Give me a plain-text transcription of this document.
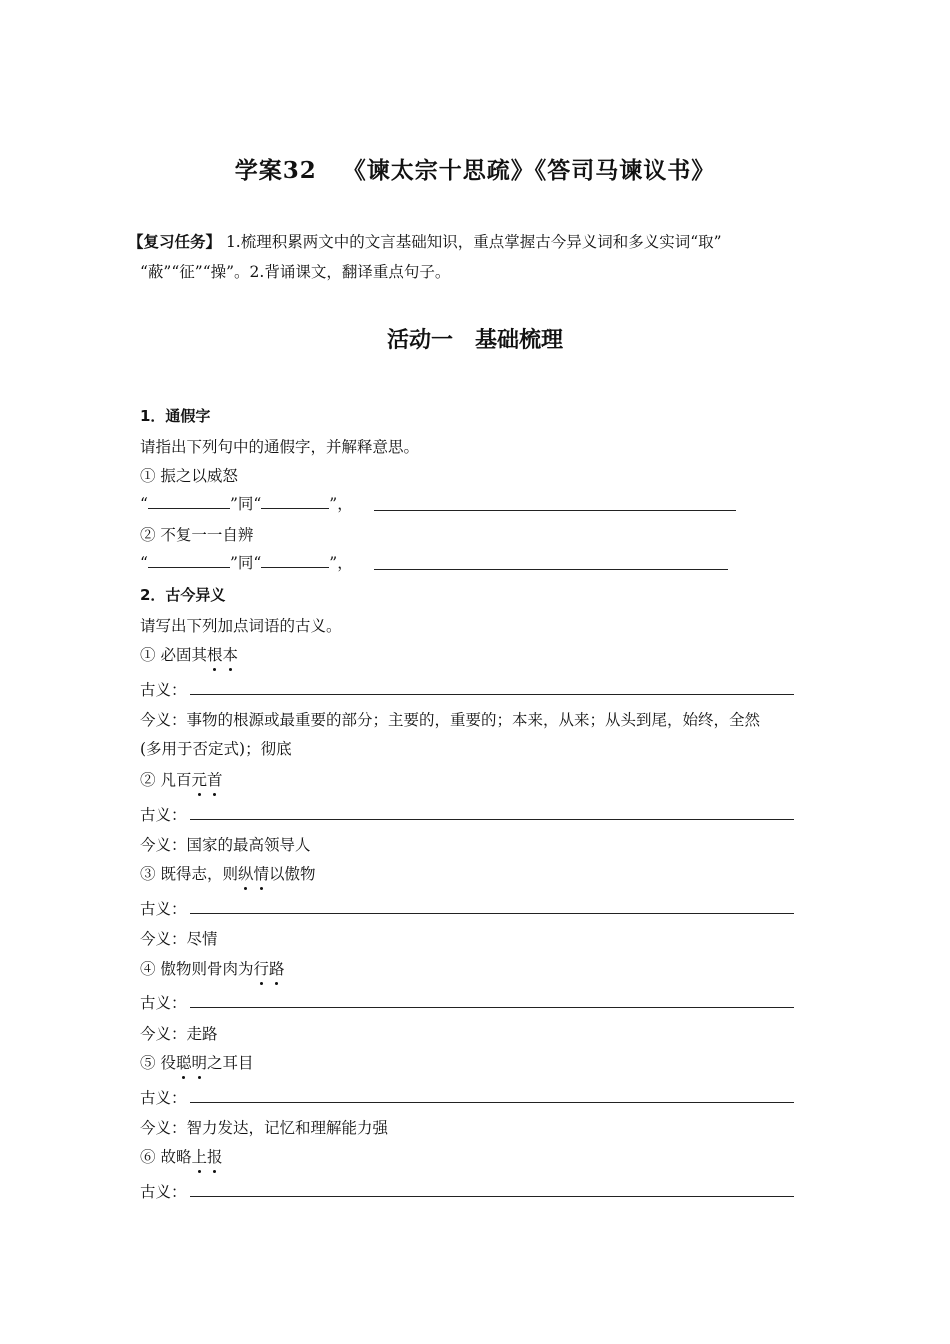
学案32 《谏太宗十思疏》《答司马谏议书》
【复习任务】 1.梳理积累两文中的文言基础知识，重点掌握古今异义词和多义实词“取”
“蔽”“征”“操”。2.背诵课文，翻译重点句子。
活动一 基础梳理
1．通假字
请指出下列句中的通假字，并解释意思。
① 振之以威怒
“	”同“	”，
② 不复一一自辨
“	”同“	”，
2．古今异义
请写出下列加点词语的古义。
① 必固其根本
古义：
今义：事物的根源或最重要的部分；主要的，重要的；本来，从来；从头到尾，始终，全然
(多用于否定式)；彻底
② 凡百元首
古义：
今义：国家的最高领导人
③ 既得志，则纵情以傲物
古义：
今义：尽情
④ 傲物则骨肉为行路
古义：
今义：走路
⑤ 役聪明之耳目
古义：
今义：智力发达，记忆和理解能力强
⑥ 故略上报
古义：
